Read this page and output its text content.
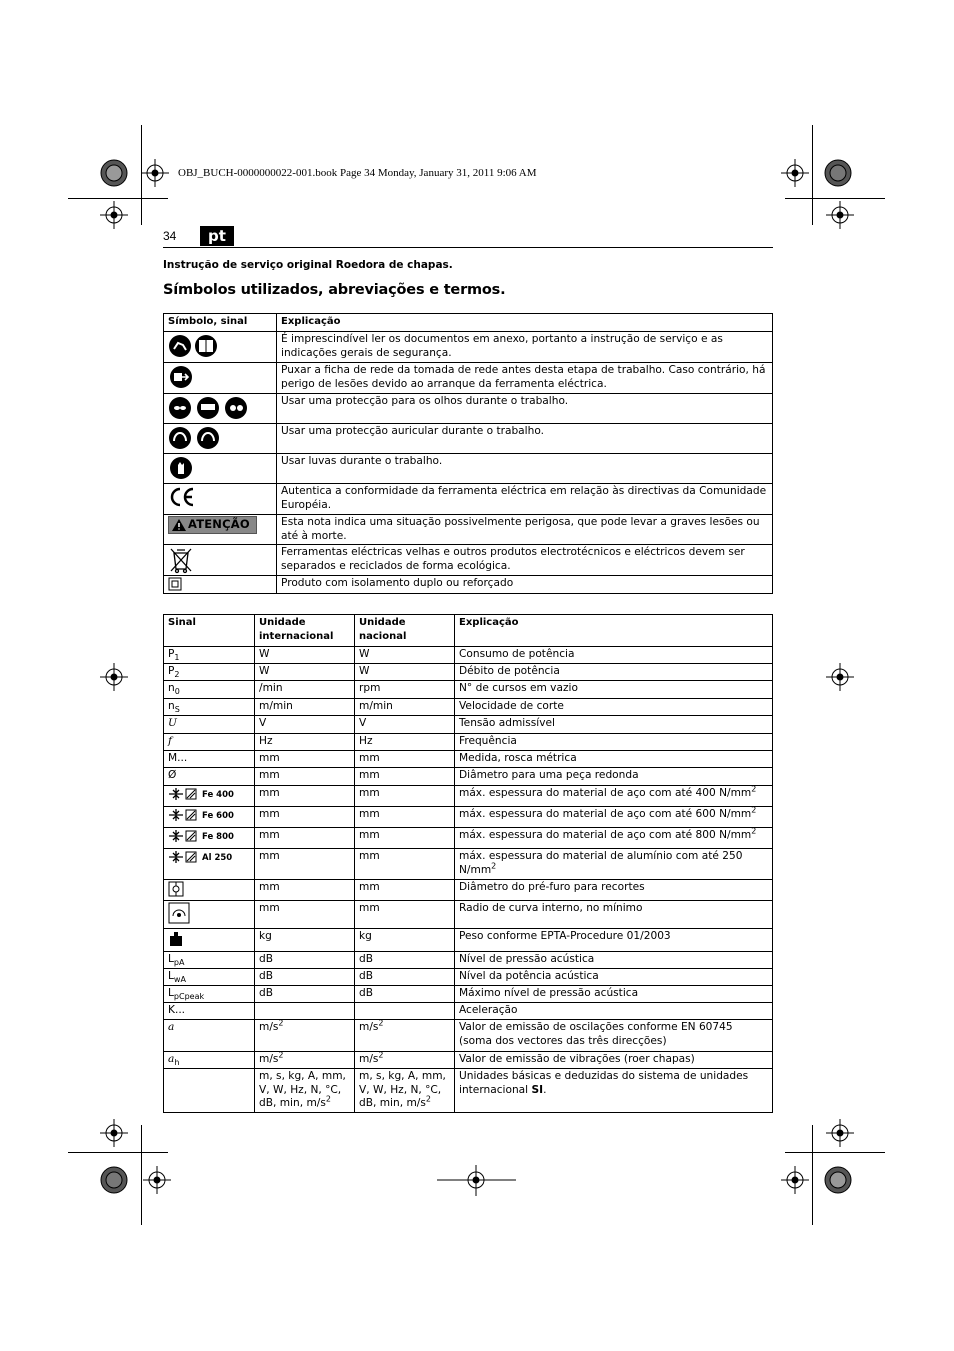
OBJ_BUCH-0000000022-001.book Page 34 Monday, January 31, 2011 9:06 AM
34	pt
Instrução de serviço original Roedora de chapas.
Símbolos utilizados, abreviações e termos.
Símbolo, sinal	Explicação
	É imprescindível ler os documentos em anexo, portanto a instrução de serviço e as indicações gerais de segurança.
	Puxar a ficha de rede da tomada de rede antes desta etapa de trabalho. Caso contrário, há perigo de lesões devido ao arranque da ferramenta eléctrica.
	Usar uma protecção para os olhos durante o trabalho.
	Usar uma protecção auricular durante o trabalho.
	Usar luvas durante o trabalho.
	Autentica a conformidade da ferramenta eléctrica em relação às directivas da Comunidade Européia.

ATENÇÃO	Esta nota indica uma situação possivelmente perigosa, que pode levar a graves lesões ou até à morte.
	Ferramentas eléctricas velhas e outros produtos electrotécnicos e eléctricos devem ser separados e reciclados de forma ecológica.
	Produto com isolamento duplo ou reforçado
Sinal	Unidade internacional	Unidade nacional	Explicação
$P_1$	W	W	Consumo de potência
$P_2$	W	W	Débito de potência
$n_0$	/min	rpm	N° de cursos em vazio
$n_S$	m/min	m/min	Velocidade de corte
U	V	V	Tensão admissível
f	Hz	Hz	Frequência
M...	mm	mm	Medida, rosca métrica
Ø	mm	mm	Diâmetro para uma peça redonda
Fe 400	mm	mm	máx. espessura do material de aço com até 400 $N/mm^2$
Fe 600	mm	mm	máx. espessura do material de aço com até 600 $N/mm^2$
Fe 800	mm	mm	máx. espessura do material de aço com até 800 $N/mm^2$
Al 250	mm	mm	máx. espessura do material de alumínio com até 250 $N/mm^2$
	mm	mm	Diâmetro do pré-furo para recortes
	mm	mm	Radio de curva interno, no mínimo
	kg	kg	Peso conforme EPTA-Procedure 01/2003
$L_{pA}$	dB	dB	Nível de pressão acústica
$L_{wA}$	dB	dB	Nível da potência acústica
$L_{pCpeak}$	dB	dB	Máximo nível de pressão acústica
K...			Aceleração
a	$m/s^2$	$m/s^2$	Valor de emissão de oscilações conforme EN 60745 (soma dos vectores das três direcções)
$a_h$	$m/s^2$	$m/s^2$	Valor de emissão de vibrações (roer chapas)
	m, s, kg, A, mm, V, W, Hz, N, °C, dB, min, $m/s^2$	m, s, kg, A, mm, V, W, Hz, N, °C, dB, min, $m/s^2$	Unidades básicas e deduzidas do sistema de unidades internacional SI.
